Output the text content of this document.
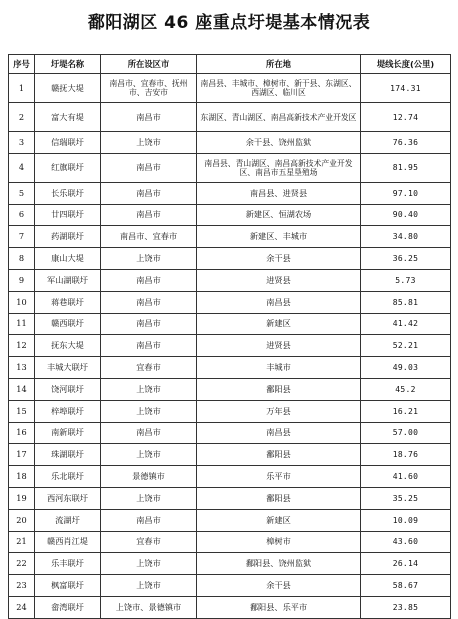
鄱阳湖区 46 座重点圩堤基本情况表
序号	圩堤名称	所在设区市	所在地	堤线长度(公里)
1	赣抚大堤	南昌市、宜春市、抚州市、吉安市	南昌县、丰城市、樟树市、新干县、东湖区、西湖区、临川区	174.31
2	富大有堤	南昌市	东湖区、青山湖区、南昌高新技术产业开发区	12.74
3	信瑞联圩	上饶市	余干县、饶州监狱	76.36
4	红旗联圩	南昌市	南昌县、青山湖区、南昌高新技术产业开发区、南昌市五星垦殖场	81.95
5	长乐联圩	南昌市	南昌县、进贤县	97.10
6	廿四联圩	南昌市	新建区、恒湖农场	90.40
7	药湖联圩	南昌市、宜春市	新建区、丰城市	34.80
8	康山大堤	上饶市	余干县	36.25
9	军山湖联圩	南昌市	进贤县	5.73
10	蒋巷联圩	南昌市	南昌县	85.81
11	赣西联圩	南昌市	新建区	41.42
12	抚东大堤	南昌市	进贤县	52.21
13	丰城大联圩	宜春市	丰城市	49.03
14	饶河联圩	上饶市	鄱阳县	45.2
15	梓埠联圩	上饶市	万年县	16.21
16	南新联圩	南昌市	南昌县	57.00
17	珠湖联圩	上饶市	鄱阳县	18.76
18	乐北联圩	景德镇市	乐平市	41.60
19	西河东联圩	上饶市	鄱阳县	35.25
20	流湖圩	南昌市	新建区	10.09
21	赣西肖江堤	宜春市	樟树市	43.60
22	乐丰联圩	上饶市	鄱阳县、饶州监狱	26.14
23	枫富联圩	上饶市	余干县	58.67
24	畲湾联圩	上饶市、景德镇市	鄱阳县、乐平市	23.85
